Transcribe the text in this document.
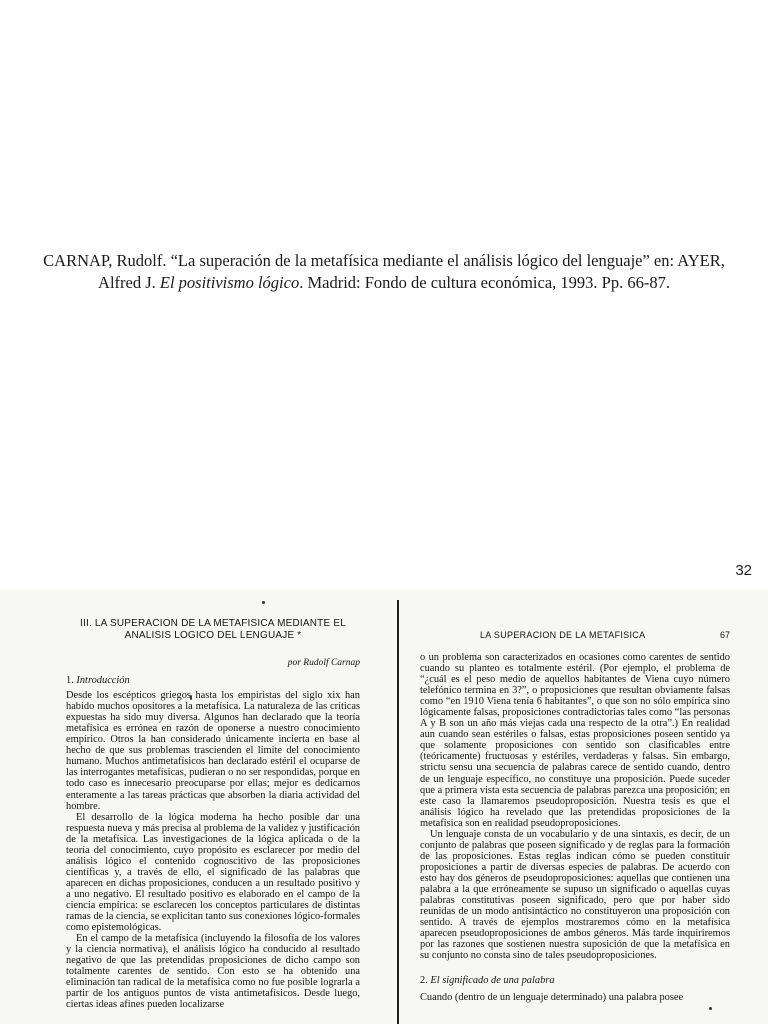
CARNAP, Rudolf. “La superación de la metafísica mediante el análisis lógico del lenguaje” en: AYER, Alfred J. El positivismo lógico. Madrid: Fondo de cultura económica, 1993. Pp. 66-87.
32
III. LA SUPERACION DE LA METAFISICA MEDIANTE EL ANALISIS LOGICO DEL LENGUAJE *
por Rudolf Carnap
1. Introducción

Desde los escépticos griegos hasta los empiristas del siglo xix han habido muchos opositores a la metafísica. La naturaleza de las críticas expuestas ha sido muy diversa. Algunos han declarado que la teoría metafísica es errónea en razón de oponerse a nuestro conocimiento empírico. Otros la han considerado únicamente incierta en base al hecho de que sus problemas trascienden el límite del conocimiento humano. Muchos antimetafísicos han declarado estéril el ocuparse de las interrogantes metafísicas, pudieran o no ser respondidas, porque en todo caso es innecesario preocuparse por ellas; mejor es dedicarnos enteramente a las tareas prácticas que absorben la diaria actividad del hombre.

El desarrollo de la lógica moderna ha hecho posible dar una respuesta nueva y más precisa al problema de la validez y justificación de la metafísica. Las investigaciones de la lógica aplicada o de la teoría del conocimiento, cuyo propósito es esclarecer por medio del análisis lógico el contenido cognoscitivo de las proposiciones científicas y, a través de ello, el significado de las palabras que aparecen en dichas proposiciones, conducen a un resultado positivo y a uno negativo. El resultado positivo es elaborado en el campo de la ciencia empírica: se esclarecen los conceptos particulares de distintas ramas de la ciencia, se explicitan tanto sus conexiones lógico-formales como epistemológicas.

En el campo de la metafísica (incluyendo la filosofía de los valores y la ciencia normativa), el análisis lógico ha conducido al resultado negativo de que las pretendidas proposiciones de dicho campo son totalmente carentes de sentido. Con esto se ha obtenido una eliminación tan radical de la metafísica como no fue posible lograrla a partir de los antiguos puntos de vista antimetafísicos. Desde luego, ciertas ideas afines pueden localizarse

LA SUPERACION DE LA METAFISICA	67

o un problema son caracterizados en ocasiones como carentes de sentido cuando su planteo es totalmente estéril. (Por ejemplo, el problema de “¿cuál es el peso medio de aquellos habitantes de Viena cuyo número telefónico termina en 3?”, o proposiciones que resultan obviamente falsas como “en 1910 Viena tenía 6 habitantes”, o que son no sólo empírica sino lógicamente falsas, proposiciones contradictorias tales como “las personas A y B son un año más viejas cada una respecto de la otra”.) En realidad aun cuando sean estériles o falsas, estas proposiciones poseen sentido ya que solamente proposiciones con sentido son clasificables entre (teóricamente) fructuosas y estériles, verdaderas y falsas. Sin embargo, strictu sensu una secuencia de palabras carece de sentido cuando, dentro de un lenguaje específico, no constituye una proposición. Puede suceder que a primera vista esta secuencia de palabras parezca una proposición; en este caso la llamaremos pseudoproposición. Nuestra tesis es que el análisis lógico ha revelado que las pretendidas proposiciones de la metafísica son en realidad pseudoproposiciones.

Un lenguaje consta de un vocabulario y de una sintaxis, es decir, de un conjunto de palabras que poseen significado y de reglas para la formación de las proposiciones. Estas reglas indican cómo se pueden constituir proposiciones a partir de diversas especies de palabras. De acuerdo con esto hay dos géneros de pseudoproposiciones: aquellas que contienen una palabra a la que erróneamente se supuso un significado o aquellas cuyas palabras constitutivas poseen significado, pero que por haber sido reunidas de un modo antisintáctico no constituyeron una proposición con sentido. A través de ejemplos mostraremos cómo en la metafísica aparecen pseudoproposiciones de ambos géneros. Más tarde inquiriremos por las razones que sostienen nuestra suposición de que la metafísica en su conjunto no consta sino de tales pseudoproposiciones.

2. El significado de una palabra

Cuando (dentro de un lenguaje determinado) una palabra posee
